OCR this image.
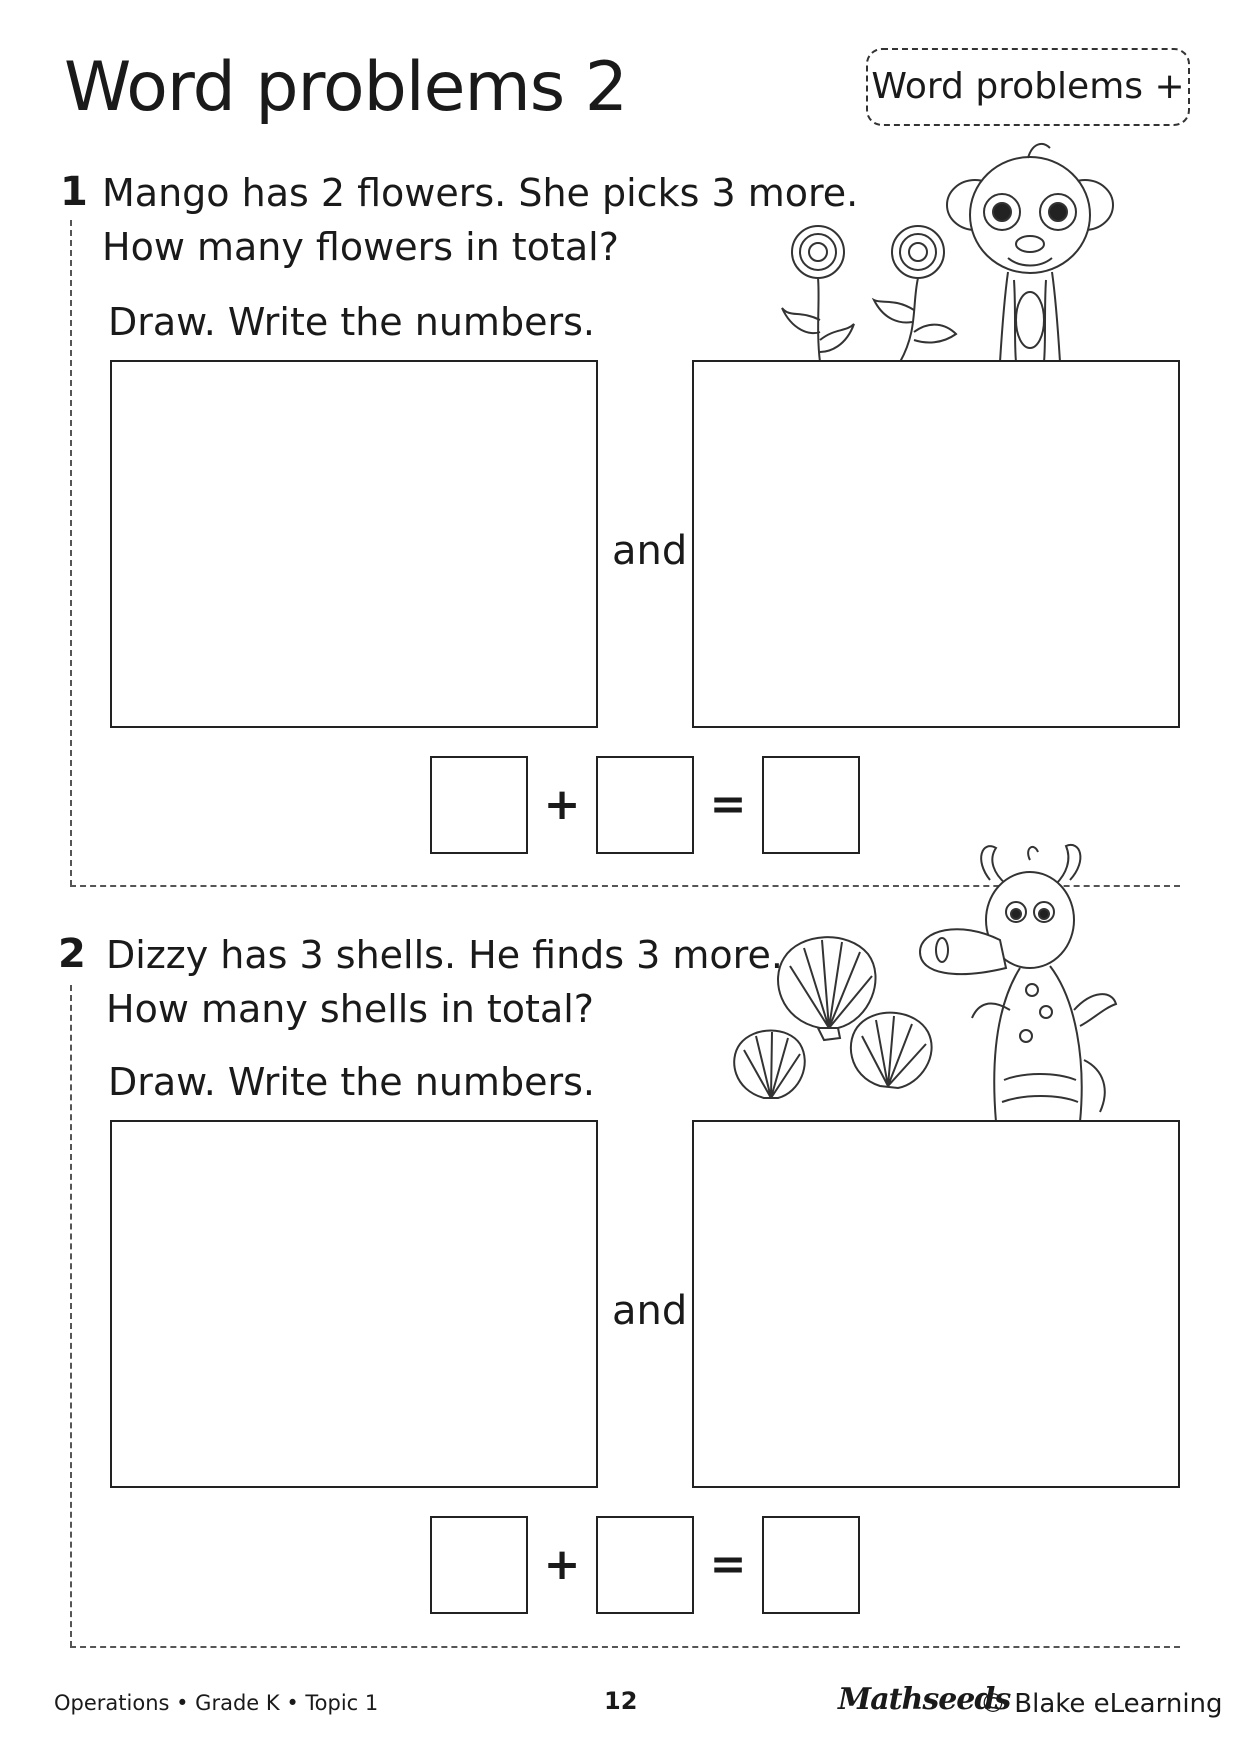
Word problems 2	Word problems +
1 Mango has 2 flowers. She picks 3 more.
How many flowers in total?
Draw. Write the numbers.
and
+	=
2 Dizzy has 3 shells. He finds 3 more.
How many shells in total?
Draw. Write the numbers.
and
+	=
Operations • Grade K • Topic 1	12	Mathseeds
© Blake eLearning
